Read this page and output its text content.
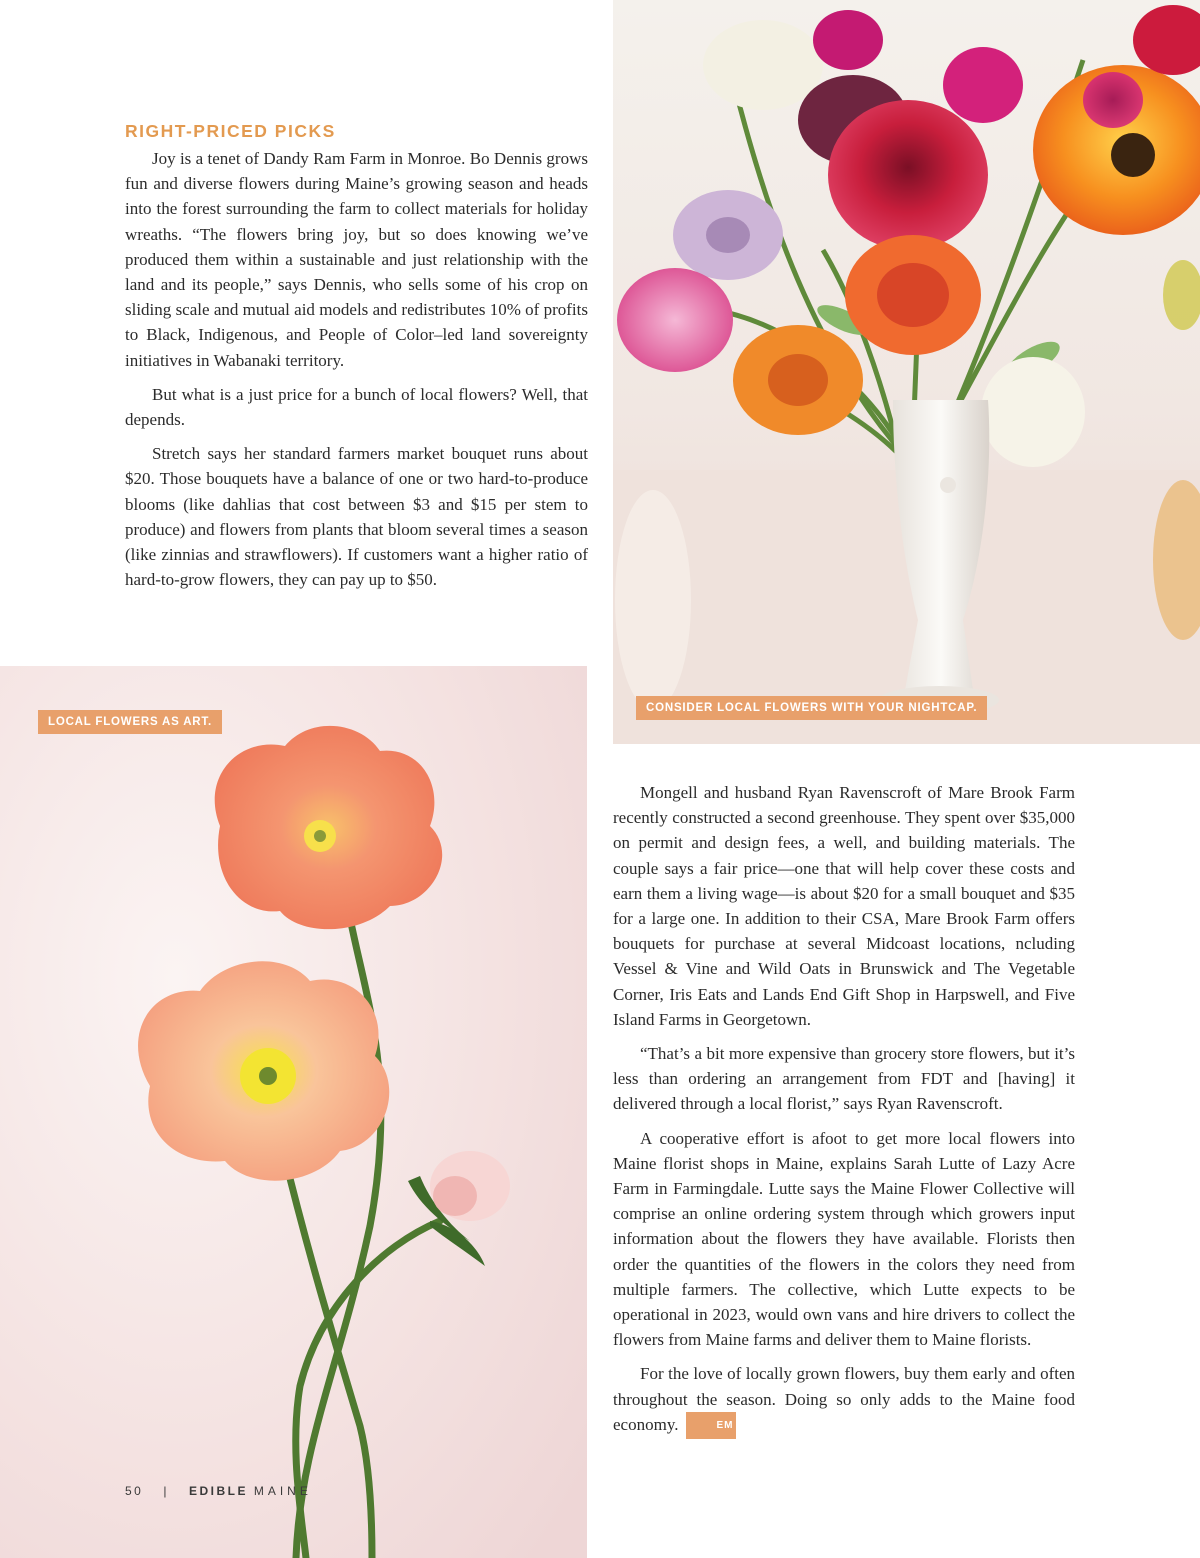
CONSIDER LOCAL FLOWERS WITH YOUR NIGHTCAP.
LOCAL FLOWERS AS ART.
RIGHT-PRICED PICKS

Joy is a tenet of Dandy Ram Farm in Monroe. Bo Dennis grows fun and diverse flowers during Maine’s growing season and heads into the forest surrounding the farm to collect materials for holiday wreaths. “The flowers bring joy, but so does knowing we’ve produced them within a sustainable and just relationship with the land and its people,” says Dennis, who sells some of his crop on sliding scale and mutual aid models and redistributes 10% of profits to Black, Indigenous, and People of Color–led land sovereignty initiatives in Wabanaki territory.

But what is a just price for a bunch of local flowers? Well, that depends.

Stretch says her standard farmers market bouquet runs about $20. Those bouquets have a balance of one or two hard-to-produce blooms (like dahlias that cost between $3 and $15 per stem to produce) and flowers from plants that bloom several times a season (like zinnias and strawflowers). If customers want a higher ratio of hard-to-grow flowers, they can pay up to $50.

Mongell and husband Ryan Ravenscroft of Mare Brook Farm recently constructed a second greenhouse. They spent over $35,000 on permit and design fees, a well, and building materials. The couple says a fair price—one that will help cover these costs and earn them a living wage—is about $20 for a small bouquet and $35 for a large one. In addition to their CSA, Mare Brook Farm offers bouquets for purchase at several Midcoast locations, ncluding Vessel & Vine and Wild Oats in Brunswick and The Vegetable Corner, Iris Eats and Lands End Gift Shop in Harpswell, and Five Island Farms in Georgetown.

“That’s a bit more expensive than grocery store flowers, but it’s less than ordering an arrangement from FDT and [having] it delivered through a local florist,” says Ryan Ravenscroft.

A cooperative effort is afoot to get more local flowers into Maine florist shops in Maine, explains Sarah Lutte of Lazy Acre Farm in Farmingdale. Lutte says the Maine Flower Collective will comprise an online ordering system through which growers input information about the flowers they have available. Florists then order the quantities of the flowers in the colors they need from multiple farmers. The collective, which Lutte expects to be operational in 2023, would own vans and hire drivers to collect the flowers from Maine farms and deliver them to Maine florists.

For the love of locally grown flowers, buy them early and often throughout the season. Doing so only adds to the Maine food economy.	EM

50 | EDIBLE MAINE
